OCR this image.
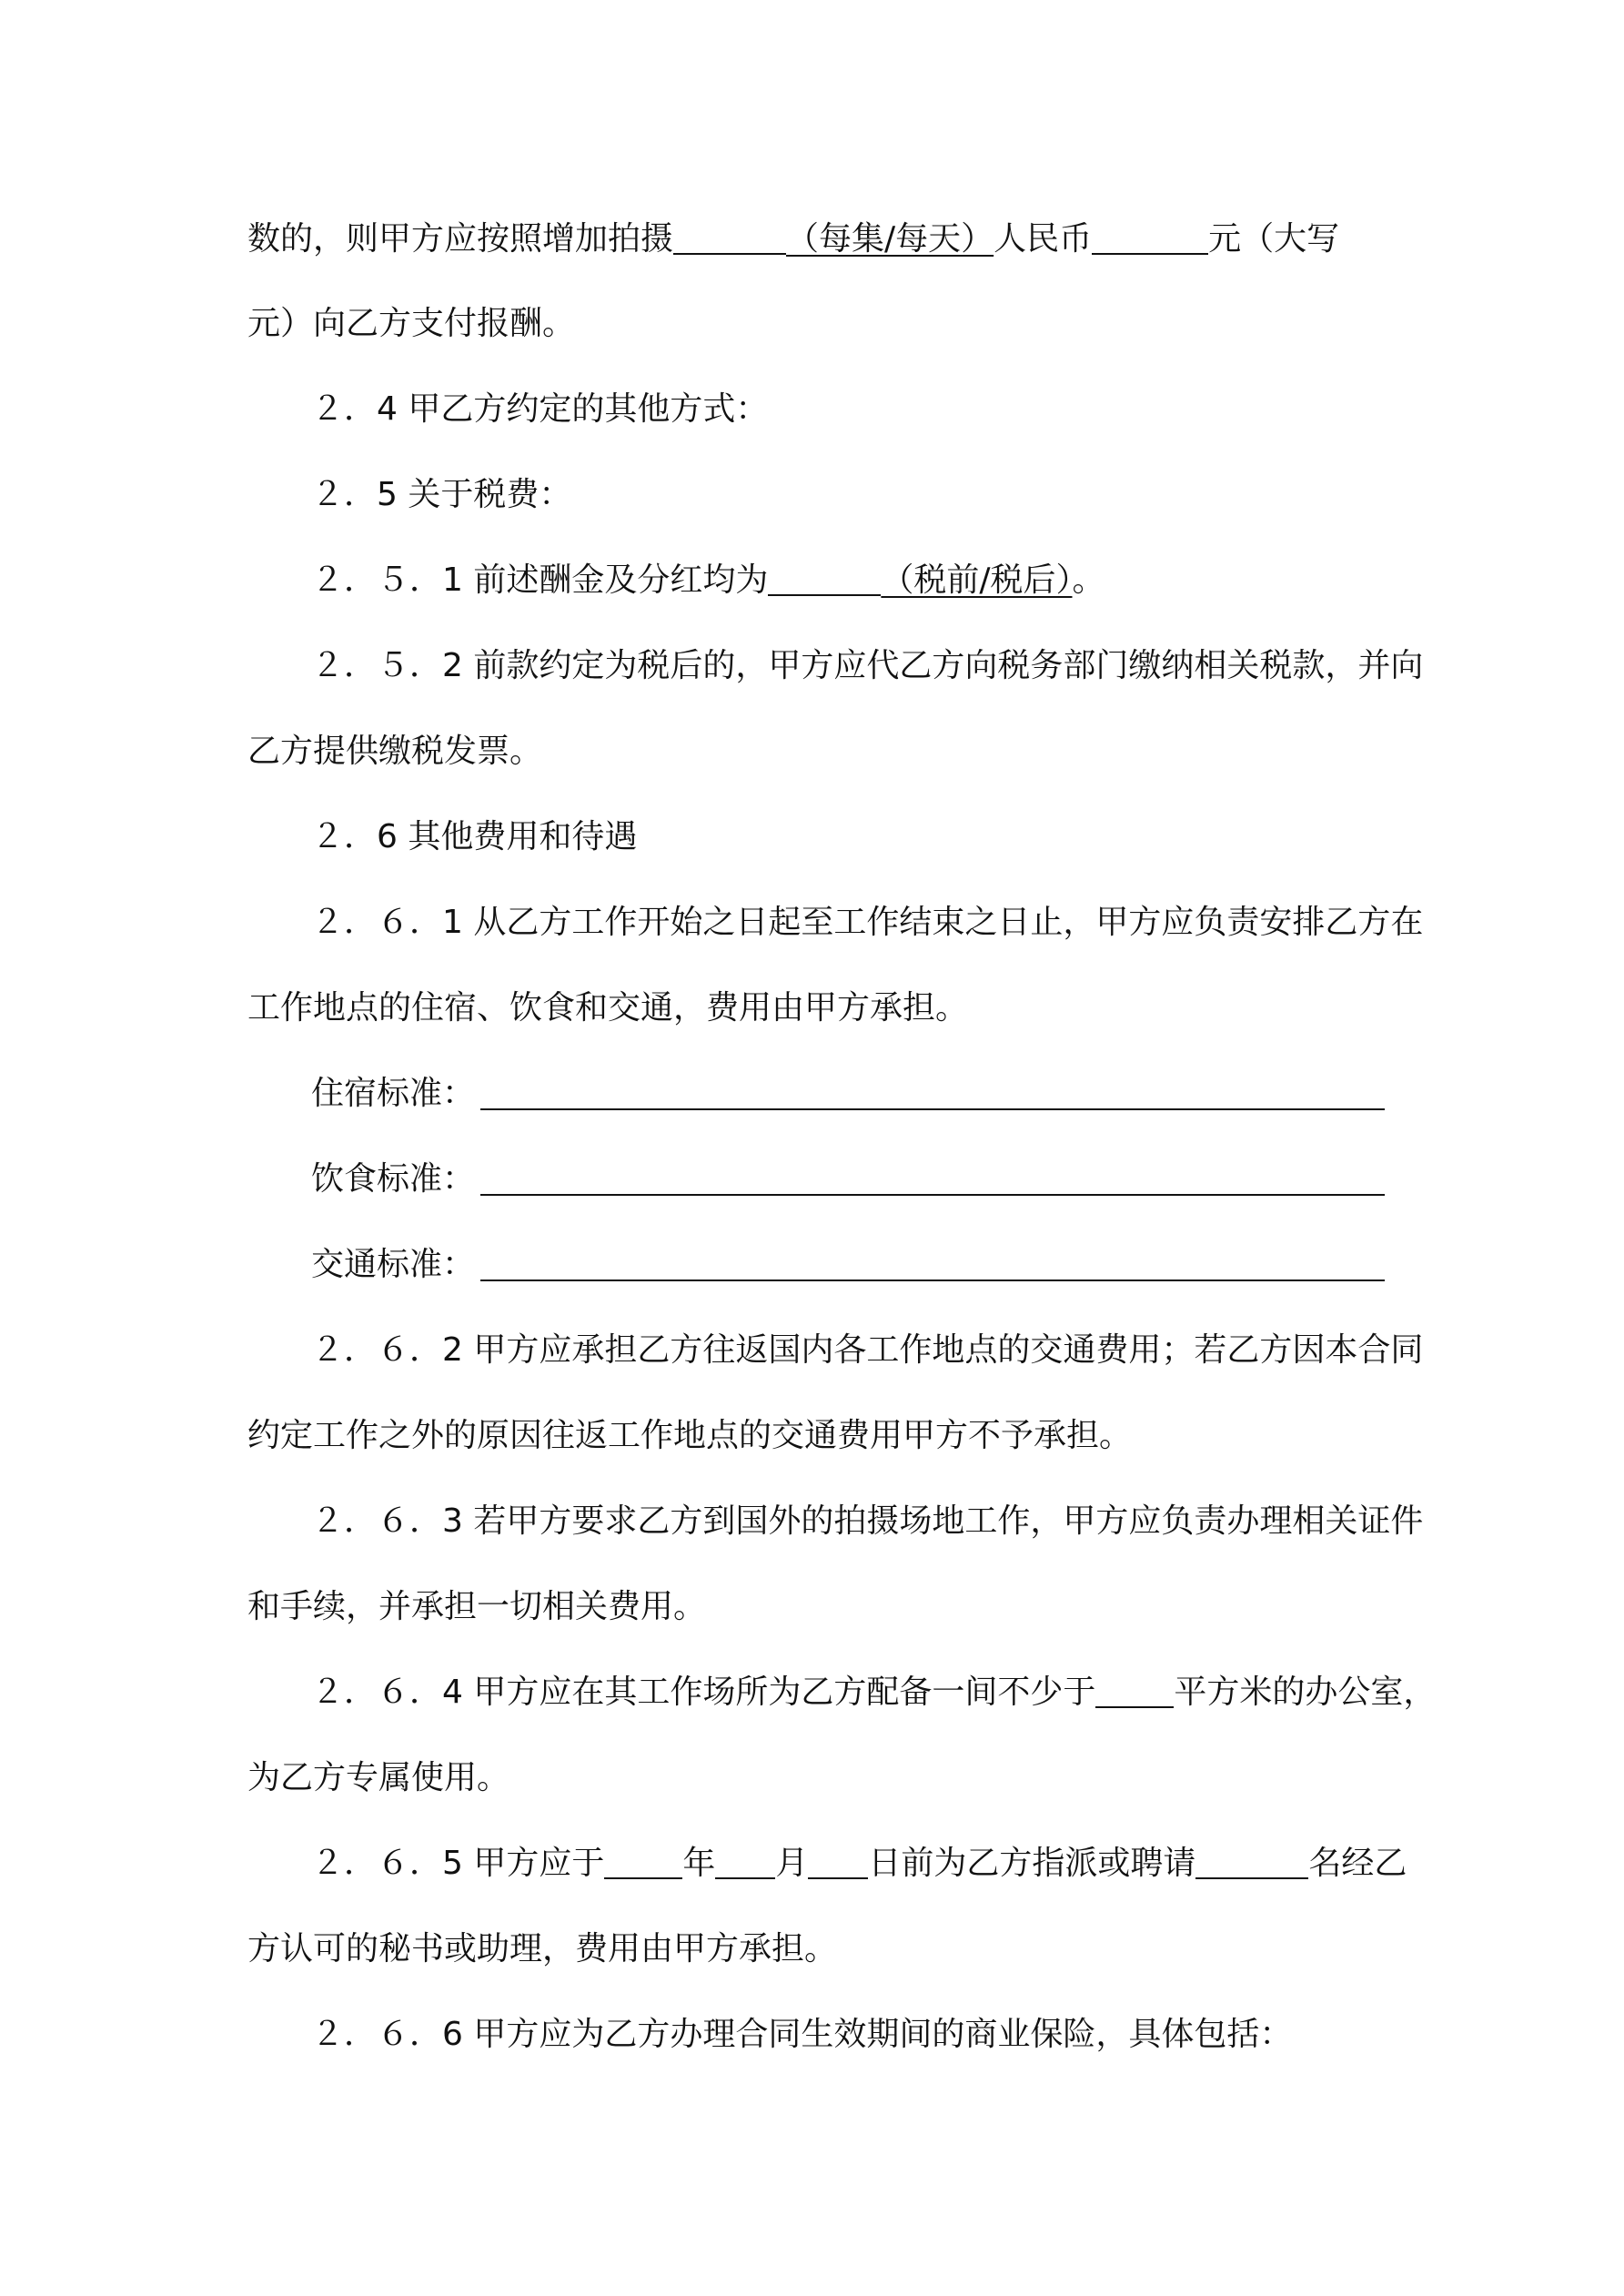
数的，则甲方应按照增加拍摄	（每集/每天）人民币	元（大写
元）向乙方支付报酬。
２．4 甲乙方约定的其他方式：
２．5 关于税费：
２．５．1 前述酬金及分红均为	（税前/税后）。
２．５．2 前款约定为税后的，甲方应代乙方向税务部门缴纳相关税款，并向
乙方提供缴税发票。
２．6 其他费用和待遇
２．６．1 从乙方工作开始之日起至工作结束之日止，甲方应负责安排乙方在
工作地点的住宿、饮食和交通，费用由甲方承担。
住宿标准：
饮食标准：
交通标准：
２．６．2 甲方应承担乙方往返国内各工作地点的交通费用；若乙方因本合同
约定工作之外的原因往返工作地点的交通费用甲方不予承担。
２．６．3 若甲方要求乙方到国外的拍摄场地工作，甲方应负责办理相关证件
和手续，并承担一切相关费用。
２．６．4 甲方应在其工作场所为乙方配备一间不少于 平方米的办公室，
为乙方专属使用。
２．６．5 甲方应于 年 月 日前为乙方指派或聘请	名经乙
方认可的秘书或助理，费用由甲方承担。
２．６．6 甲方应为乙方办理合同生效期间的商业保险，具体包括：
